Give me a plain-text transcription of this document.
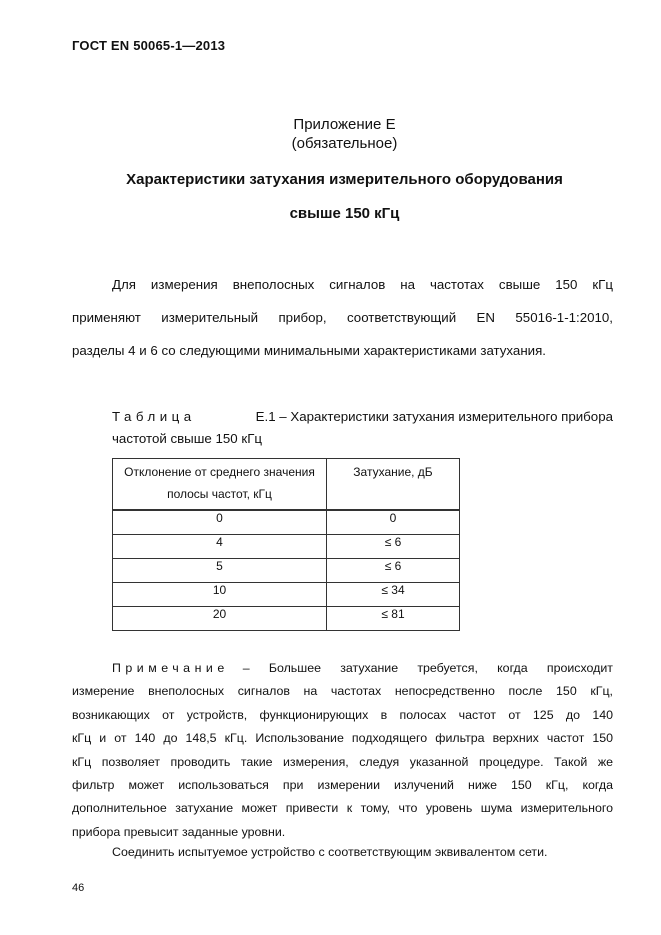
ГОСТ EN 50065-1—2013
Приложение Е
(обязательное)
Характеристики затухания измерительного оборудования
свыше 150 кГц
Для измерения внеполосных сигналов на частотах свыше 150 кГц
применяют измерительный прибор, соответствующий EN 55016-1-1:2010,
разделы 4 и 6 со следующими минимальными характеристиками затухания.
Таблица	Е.1 – Характеристики затухания измерительного прибора
частотой свыше 150 кГц
Отклонение от среднего значения полосы частот, кГц	Затухание, дБ
0	0
4	≤ 6
5	≤ 6
10	≤ 34
20	≤ 81
Примечание – Большее затухание требуется, когда происходит
измерение внеполосных сигналов на частотах непосредственно после 150 кГц,
возникающих от устройств, функционирующих в полосах частот от 125 до 140
кГц и от 140 до 148,5 кГц. Использование подходящего фильтра верхних частот 150
кГц позволяет проводить такие измерения, следуя указанной процедуре. Такой же
фильтр может использоваться при измерении излучений ниже 150 кГц, когда
дополнительное затухание может привести к тому, что уровень шума измерительного
прибора превысит заданные уровни.
Соединить испытуемое устройство с соответствующим эквивалентом сети.
46
